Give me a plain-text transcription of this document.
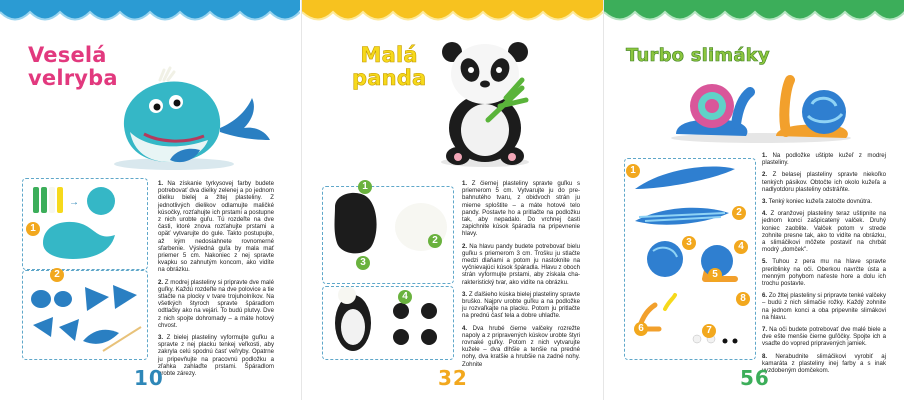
Veselá
velryba
→
1
2

1. Na získanie tyrkysovej farby budete potrebovať dva dielky zelenej a po jednom dielku bielej a žltej plasteliny. Z jednotlivých dielikov odlamujte maličké kúsočky, rozťahujte ich prstami a postupne z nich urobte guľu. Tú rozdeľte na dve časti, ktoré znova rozťahujte prstami a opäť vytvarujte do gule. Takto postupujte, až kým nedosiahnete rovnomerné sfarbenie. Výsledná guľa by mala mať priemer 5 cm. Nakoniec z nej spravte kvapku so zahnutým koncom, ako vidíte na obrázku.

2. Z modrej plasteliny si pripravte dve malé guľky. Každú rozdeľte na dve polovice a tie stlačte na plocky v tvare trojuholníkov. Na všetkých štyroch spravte špáradlom odtlačky ako na vejári. To budú plutvy. Dve z nich spojte dohromady – a máte hotový chvost.

3. Z bielej plasteliny vyformujte guľku a spravte z nej placku tenkej veľkosti, aby zakryla celú spodnú časť veľryby. Opatrne ju pripevňujte na pracovnú podložku a zľahka zahlaďte prstami. Špáradlom urobte zárezy.

10
Malá
panda
1
2
3
4

1. Z čiernej plasteliny spravte guľku s priemerom 5 cm. Vytvarujte ju do pre-bahnutého tvaru, z obidvoch strán ju mierne sploštite – a máte hotové telo pandy. Postavte ho a pritlačte na podložku tak, aby nepadalo. Do vrchnej časti zapichnite kúsok špáradla na pripevnenie hlavy.

2. Na hlavu pandy budete potrebovať bielu guľku s priemerom 3 cm. Trošku ju stlačte medzi dlaňami a potom ju nastoknite na vyčnievajúci kúsok špáradla. Hlavu z oboch strán vyformujte prstami, aby získala cha-rakteristický tvar, ako vidíte na obrázku.

3. Z ďalšieho kúska bielej plasteliny spravte bruško. Najprv urobte guľku a na podložke ju rozvaľkajte na placku. Potom ju pritlačte na prednú časť tela a dobre uhlaďte.

4. Dva hrubé čierne valčeky rozrežte napoly a z pripravených kúskov urobte štyri rovnaké guľky. Potom z nich vytvarujte kužele – dva dlhšie a tenšie na predné nohy, dva kratšie a hrubšie na zadné nohy. Zohnite

32
Turbo slimáky
1
2
3	4
5
6	7
8

1. Na podložke uštipte kužeľ z modrej plasteliny.

2. Z belasej plasteliny spravte niekoľko tenkých pásikov. Obtočte ich okolo kužeľa a nadlyotdoru plasteliny odstráňte.

3. Tenký koniec kužeľa zatočte dovnútra.

4. Z oranžovej plasteliny teraz uštipnite na jednom konci zašpicatený valček. Druhý koniec zaoblite. Valček potom v strede zohnite presne tak, ako to vidíte na obrázku, a slimáčikovi môžete postaviť na chrbát modrý „domček".

5. Tuhou z pera mu na hlave spravte preriblinky na oči. Oberkou navrčte ústa a menným pohybom naťeste hore a dolu ich trochu postavte.

6. Zo žltej plasteliny si pripravte tenké valčeky – budú z nich slimačie rožky. Každý zohnite na jednom konci a oba pripevnite slimákovi na hlavu.

7. Na oči budete potrebovať dve malé biele a dve ešte menšie čierne guľôčky. Spojte ich a vsaďte do vopred pripravených jamiek.

8. Nerabudnite slimáčikovi vyrobiť aj kamaráta z plasteliny inej farby a s inak vyzdobeným domčekom.

56
